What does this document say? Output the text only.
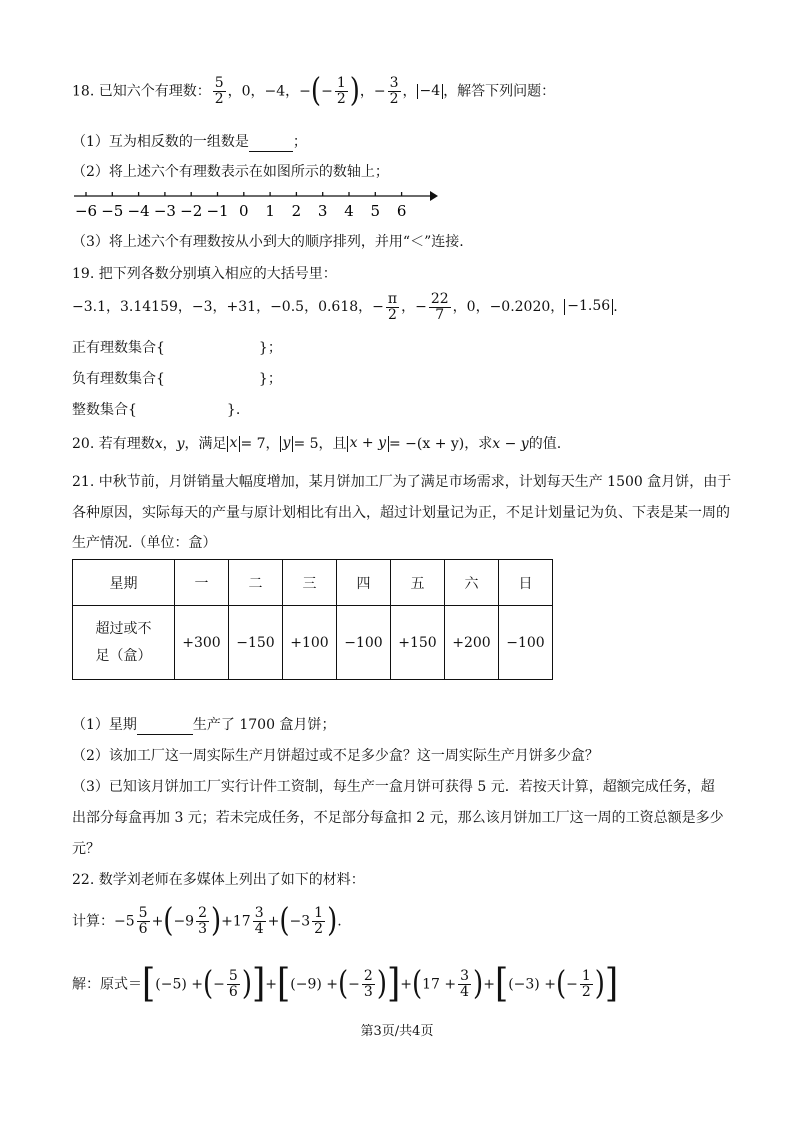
18. 已知六个有理数： $\frac{5}{2}$ ，0，−4，−(− $\frac{1}{2}$ )，− $\frac{3}{2}$ ， −4 ，解答下列问题：
（1）互为相反数的一组数是	；
（2）将上述六个有理数表示在如图所示的数轴上；
−6 −5 −4 −3 −2 −1 0 1 2 3 4 5 6
（3）将上述六个有理数按从小到大的顺序排列，并用“＜”连接.
19. 把下列各数分别填入相应的大括号里：
−3.1，3.14159，−3，+31，−0.5，0.618，− $\frac{\pi}{2}$ ，− $\frac{22}{7}$ ，0，−0.2020， −1.56 .
正有理数集合{	}；
负有理数集合{	}；
整数集合{	}.
20. 若有理数x，y，满足 x = 7， y = 5，且 x + y = −(x + y)，求x − y的值.
21. 中秋节前，月饼销量大幅度增加，某月饼加工厂为了满足市场需求，计划每天生产 1500 盒月饼，由于
各种原因，实际每天的产量与原计划相比有出入，超过计划量记为正，不足计划量记为负、下表是某一周的
生产情况.（单位：盒）
星期	一	二	三	四	五	六	日
超过或不
足（盒）	+300	−150	+100	−100	+150	+200	−100
（1）星期	生产了 1700 盒月饼；
（2）该加工厂这一周实际生产月饼超过或不足多少盒？这一周实际生产月饼多少盒？
（3）已知该月饼加工厂实行计件工资制，每生产一盒月饼可获得 5 元．若按天计算，超额完成任务，超
出部分每盒再加 3 元；若未完成任务，不足部分每盒扣 2 元，那么该月饼加工厂这一周的工资总额是多少
元？
22. 数学刘老师在多媒体上列出了如下的材料：
计算：$-5 \frac{5}{6} +(-9 \frac{2}{3} )+17 \frac{3}{4} +(-3 \frac{1}{2}$ ).
解：原式＝[(−5) +(− $\frac{5}{6} )]+[(-9)$ +(− $\frac{2}{3} )]+(17 + \frac{3}{4} )+[(-3)$ +(− $\frac{1}{2}$ )]
第3页/共4页
